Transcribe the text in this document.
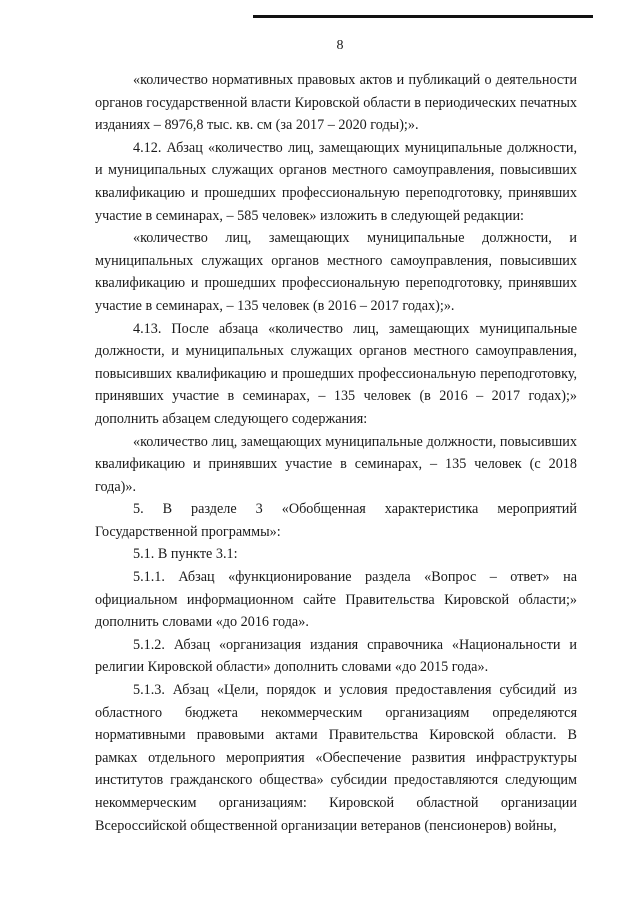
8

«количество нормативных правовых актов и публикаций о деятельности органов государственной власти Кировской области в периодических печатных изданиях – 8976,8 тыс. кв. см (за 2017 – 2020 годы);».

4.12. Абзац «количество лиц, замещающих муниципальные должности, и муниципальных служащих органов местного самоуправления, повысивших квалификацию и прошедших профессиональную переподготовку, принявших участие в семинарах, – 585 человек» изложить в следующей редакции:

«количество лиц, замещающих муниципальные должности, и муниципальных служащих органов местного самоуправления, повысивших квалификацию и прошедших профессиональную переподготовку, принявших участие в семинарах, – 135 человек (в 2016 – 2017 годах);».

4.13. После абзаца «количество лиц, замещающих муниципальные должности, и муниципальных служащих органов местного самоуправления, повысивших квалификацию и прошедших профессиональную переподготовку, принявших участие в семинарах, – 135 человек (в 2016 – 2017 годах);» дополнить абзацем следующего содержания:

«количество лиц, замещающих муниципальные должности, повысивших квалификацию и принявших участие в семинарах, – 135 человек (с 2018 года)».

5. В разделе 3 «Обобщенная характеристика мероприятий Государственной программы»:

5.1. В пункте 3.1:

5.1.1. Абзац «функционирование раздела «Вопрос – ответ» на официальном информационном сайте Правительства Кировской области;» дополнить словами «до 2016 года».

5.1.2. Абзац «организация издания справочника «Национальности и религии Кировской области» дополнить словами «до 2015 года».

5.1.3. Абзац «Цели, порядок и условия предоставления субсидий из областного бюджета некоммерческим организациям определяются нормативными правовыми актами Правительства Кировской области. В рамках отдельного мероприятия «Обеспечение развития инфраструктуры институтов гражданского общества» субсидии предоставляются следующим некоммерческим организациям: Кировской областной организации Всероссийской общественной организации ветеранов (пенсионеров) войны,
